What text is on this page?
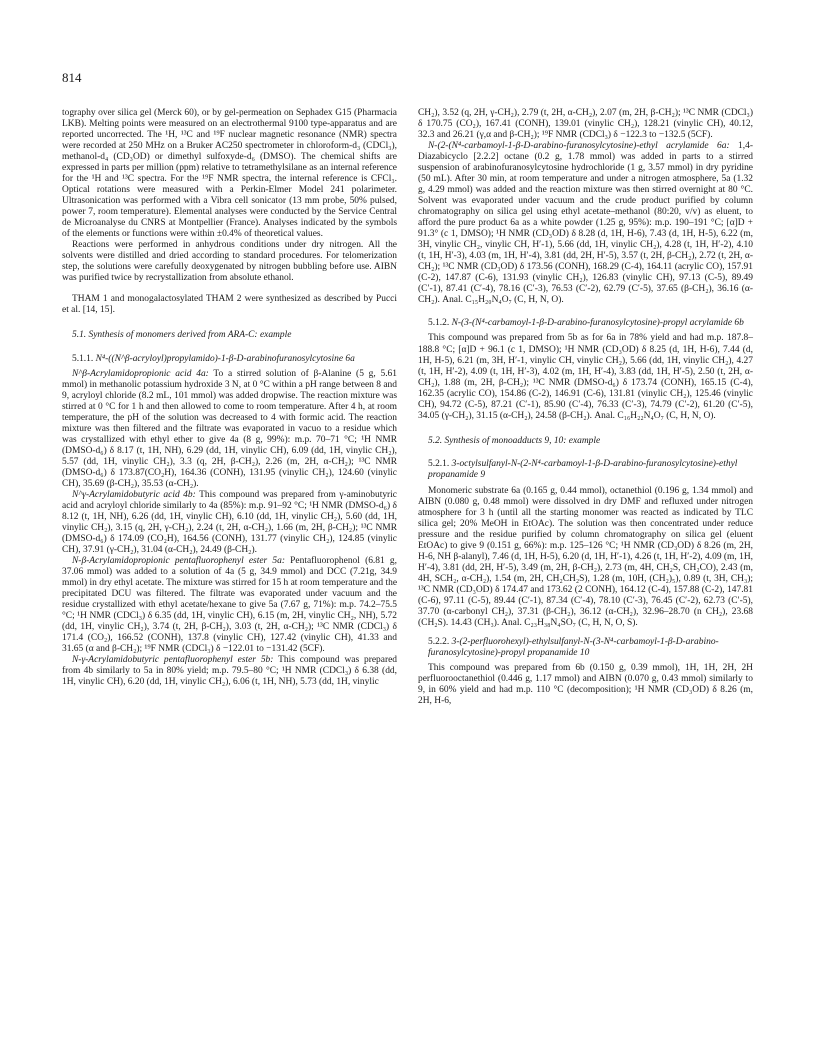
814

tography over silica gel (Merck 60), or by gel-permeation on Sephadex G15 (Pharmacia LKB). Melting points were measured on an electrothermal 9100 type-apparatus and are reported uncorrected. The ¹H, ¹³C and ¹⁹F nuclear magnetic resonance (NMR) spectra were recorded at 250 MHz on a Bruker AC250 spectrometer in chloroform-d₃ (CDCl₃), methanol-d₄ (CD₃OD) or dimethyl sulfoxyde-d₆ (DMSO). The chemical shifts are expressed in parts per million (ppm) relative to tetramethylsilane as an internal reference for the ¹H and ¹³C spectra. For the ¹⁹F NMR spectra, the internal reference is CFCl₃. Optical rotations were measured with a Perkin-Elmer Model 241 polarimeter. Ultrasonication was performed with a Vibra cell sonicator (13 mm probe, 50% pulsed, power 7, room temperature). Elemental analyses were conducted by the Service Central de Microanalyse du CNRS at Montpellier (France). Analyses indicated by the symbols of the elements or functions were within ±0.4% of theoretical values.

Reactions were performed in anhydrous conditions under dry nitrogen. All the solvents were distilled and dried according to standard procedures. For telomerization step, the solutions were carefully deoxygenated by nitrogen bubbling before use. AIBN was purified twice by recrystallization from absolute ethanol.

THAM 1 and monogalactosylated THAM 2 were synthesized as described by Pucci et al. [14, 15].

5.1. Synthesis of monomers derived from ARA-C: example
5.1.1. N⁴-((N^β-acryloyl)propylamido)-1-β-D-arabinofuranosylcytosine 6a

N^β-Acrylamidopropionic acid 4a: To a stirred solution of β-Alanine (5 g, 5.61 mmol) in methanolic potassium hydroxide 3 N, at 0 °C within a pH range between 8 and 9, acryloyl chloride (8.2 mL, 101 mmol) was added dropwise. The reaction mixture was stirred at 0 °C for 1 h and then allowed to come to room temperature. After 4 h, at room temperature, the pH of the solution was decreased to 4 with formic acid. The reaction mixture was then filtered and the filtrate was evaporated in vacuo to a residue which was crystallized with ethyl ether to give 4a (8 g, 99%): m.p. 70–71 °C; ¹H NMR (DMSO-d₆) δ 8.17 (t, 1H, NH), 6.29 (dd, 1H, vinylic CH), 6.09 (dd, 1H, vinylic CH₂), 5.57 (dd, 1H, vinylic CH₂), 3.3 (q, 2H, β-CH₂), 2.26 (m, 2H, α-CH₂); ¹³C NMR (DMSO-d₆) δ 173.87(CO₂H), 164.36 (CONH), 131.95 (vinylic CH₂), 124.60 (vinylic CH), 35.69 (β-CH₂), 35.53 (α-CH₂).

N^γ-Acrylamidobutyric acid 4b: This compound was prepared from γ-aminobutyric acid and acryloyl chloride similarly to 4a (85%): m.p. 91–92 °C; ¹H NMR (DMSO-d₆) δ 8.12 (t, 1H, NH), 6.26 (dd, 1H, vinylic CH), 6.10 (dd, 1H, vinylic CH₂), 5.60 (dd, 1H, vinylic CH₂), 3.15 (q, 2H, γ-CH₂), 2.24 (t, 2H, α-CH₂), 1.66 (m, 2H, β-CH₂); ¹³C NMR (DMSO-d₆) δ 174.09 (CO₂H), 164.56 (CONH), 131.77 (vinylic CH₂), 124.85 (vinylic CH), 37.91 (γ-CH₂), 31.04 (α-CH₂), 24.49 (β-CH₂).

N-β-Acrylamidopropionic pentafluorophenyl ester 5a: Pentafluorophenol (6.81 g, 37.06 mmol) was added to a solution of 4a (5 g, 34.9 mmol) and DCC (7.21g, 34.9 mmol) in dry ethyl acetate. The mixture was stirred for 15 h at room temperature and the precipitated DCU was filtered. The filtrate was evaporated under vacuum and the residue crystallized with ethyl acetate/hexane to give 5a (7.67 g, 71%): m.p. 74.2–75.5 °C; ¹H NMR (CDCl₃) δ 6.35 (dd, 1H, vinylic CH), 6.15 (m, 2H, vinylic CH₂, NH), 5.72 (dd, 1H, vinylic CH₂), 3.74 (t, 2H, β-CH₂), 3.03 (t, 2H, α-CH₂); ¹³C NMR (CDCl₃) δ 171.4 (CO₂), 166.52 (CONH), 137.8 (vinylic CH), 127.42 (vinylic CH), 41.33 and 31.65 (α and β-CH₂); ¹⁹F NMR (CDCl₃) δ −122.01 to −131.42 (5CF).

N-γ-Acrylamidobutyric pentafluorophenyl ester 5b: This compound was prepared from 4b similarly to 5a in 80% yield; m.p. 79.5–80 °C; ¹H NMR (CDCl₃) δ 6.38 (dd, 1H, vinylic CH), 6.20 (dd, 1H, vinylic CH₂), 6.06 (t, 1H, NH), 5.73 (dd, 1H, vinylic

CH₂), 3.52 (q, 2H, γ-CH₂), 2.79 (t, 2H, α-CH₂), 2.07 (m, 2H, β-CH₂); ¹³C NMR (CDCl₃) δ 170.75 (CO₂), 167.41 (CONH), 139.01 (vinylic CH₂), 128.21 (vinylic CH), 40.12, 32.3 and 26.21 (γ,α and β-CH₂); ¹⁹F NMR (CDCl₃) δ −122.3 to −132.5 (5CF).

N-(2-(N⁴-carbamoyl-1-β-D-arabino-furanosylcytosine)-ethyl acrylamide 6a: 1,4-Diazabicyclo [2.2.2] octane (0.2 g, 1.78 mmol) was added in parts to a stirred suspension of arabinofuranosylcytosine hydrochloride (1 g, 3.57 mmol) in dry pyridine (50 mL). After 30 min, at room temperature and under a nitrogen atmosphere, 5a (1.32 g, 4.29 mmol) was added and the reaction mixture was then stirred overnight at 80 °C. Solvent was evaporated under vacuum and the crude product purified by column chromatography on silica gel using ethyl acetate–methanol (80:20, v/v) as eluent, to afford the pure product 6a as a white powder (1.25 g, 95%): m.p. 190–191 °C; [α]D + 91.3° (c 1, DMSO); ¹H NMR (CD₃OD) δ 8.28 (d, 1H, H-6), 7.43 (d, 1H, H-5), 6.22 (m, 3H, vinylic CH₂, vinylic CH, H′-1), 5.66 (dd, 1H, vinylic CH₂), 4.28 (t, 1H, H′-2), 4.10 (t, 1H, H′-3), 4.03 (m, 1H, H′-4), 3.81 (dd, 2H, H′-5), 3.57 (t, 2H, β-CH₂), 2.72 (t, 2H, α-CH₂); ¹³C NMR (CD₃OD) δ 173.56 (CONH), 168.29 (C-4), 164.11 (acrylic CO), 157.91 (C-2), 147.87 (C-6), 131.93 (vinylic CH₂), 126.83 (vinylic CH), 97.13 (C-5), 89.49 (C′-1), 87.41 (C′-4), 78.16 (C′-3), 76.53 (C′-2), 62.79 (C′-5), 37.65 (β-CH₂), 36.16 (α-CH₂). Anal. C₁₅H₂₀N₄O₇ (C, H, N, O).

5.1.2. N-(3-(N⁴-carbamoyl-1-β-D-arabino-furanosylcytosine)-propyl acrylamide 6b

This compound was prepared from 5b as for 6a in 78% yield and had m.p. 187.8–188.8 °C; [α]D + 96.1 (c 1, DMSO); ¹H NMR (CD₃OD) δ 8.25 (d, 1H, H-6), 7.44 (d, 1H, H-5), 6.21 (m, 3H, H′-1, vinylic CH, vinylic CH₂), 5.66 (dd, 1H, vinylic CH₂), 4.27 (t, 1H, H′-2), 4.09 (t, 1H, H′-3), 4.02 (m, 1H, H′-4), 3.83 (dd, 1H, H′-5), 2.50 (t, 2H, α-CH₂), 1.88 (m, 2H, β-CH₂); ¹³C NMR (DMSO-d₆) δ 173.74 (CONH), 165.15 (C-4), 162.35 (acrylic CO), 154.86 (C-2), 146.91 (C-6), 131.81 (vinylic CH₂), 125.46 (vinylic CH), 94.72 (C-5), 87.21 (C′-1), 85.90 (C′-4), 76.33 (C′-3), 74.79 (C′-2), 61.20 (C′-5), 34.05 (γ-CH₂), 31.15 (α-CH₂), 24.58 (β-CH₂). Anal. C₁₆H₂₂N₄O₇ (C, H, N, O).

5.2. Synthesis of monoadducts 9, 10: example
5.2.1. 3-octylsulfanyl-N-(2-N⁴-carbamoyl-1-β-D-arabino-furanosylcytosine)-ethyl propanamide 9

Monomeric substrate 6a (0.165 g, 0.44 mmol), octanethiol (0.196 g, 1.34 mmol) and AIBN (0.080 g, 0.48 mmol) were dissolved in dry DMF and refluxed under nitrogen atmosphere for 3 h (until all the starting monomer was reacted as indicated by TLC silica gel; 20% MeOH in EtOAc). The solution was then concentrated under reduce pressure and the residue purified by column chromatography on silica gel (eluent EtOAc) to give 9 (0.151 g, 66%): m.p. 125–126 °C; ¹H NMR (CD₃OD) δ 8.26 (m, 2H, H-6, NH β-alanyl), 7.46 (d, 1H, H-5), 6.20 (d, 1H, H′-1), 4.26 (t, 1H, H′-2), 4.09 (m, 1H, H′-4), 3.81 (dd, 2H, H′-5), 3.49 (m, 2H, β-CH₂), 2.73 (m, 4H, CH₂S, CH₂CO), 2.43 (m, 4H, SCH₂, α-CH₂), 1.54 (m, 2H, CH₂CH₂S), 1.28 (m, 10H, (CH₂)₅), 0.89 (t, 3H, CH₃); ¹³C NMR (CD₃OD) δ 174.47 and 173.62 (2 CONH), 164.12 (C-4), 157.88 (C-2), 147.81 (C-6), 97.11 (C-5), 89.44 (C′-1), 87.34 (C′-4), 78.10 (C′-3), 76.45 (C′-2), 62.73 (C′-5), 37.70 (α-carbonyl CH₂), 37.31 (β-CH₂), 36.12 (α-CH₂), 32.96–28.70 (n CH₂), 23.68 (CH₂S). 14.43 (CH₃). Anal. C₂₃H₃₈N₄SO₇ (C, H, N, O, S).

5.2.2. 3-(2-perfluorohexyl)-ethylsulfanyl-N-(3-N⁴-carbamoyl-1-β-D-arabino-furanosylcytosine)-propyl propanamide 10

This compound was prepared from 6b (0.150 g, 0.39 mmol), 1H, 1H, 2H, 2H perfluorooctanethiol (0.446 g, 1.17 mmol) and AIBN (0.070 g, 0.43 mmol) similarly to 9, in 60% yield and had m.p. 110 °C (decomposition); ¹H NMR (CD₃OD) δ 8.26 (m, 2H, H-6,
